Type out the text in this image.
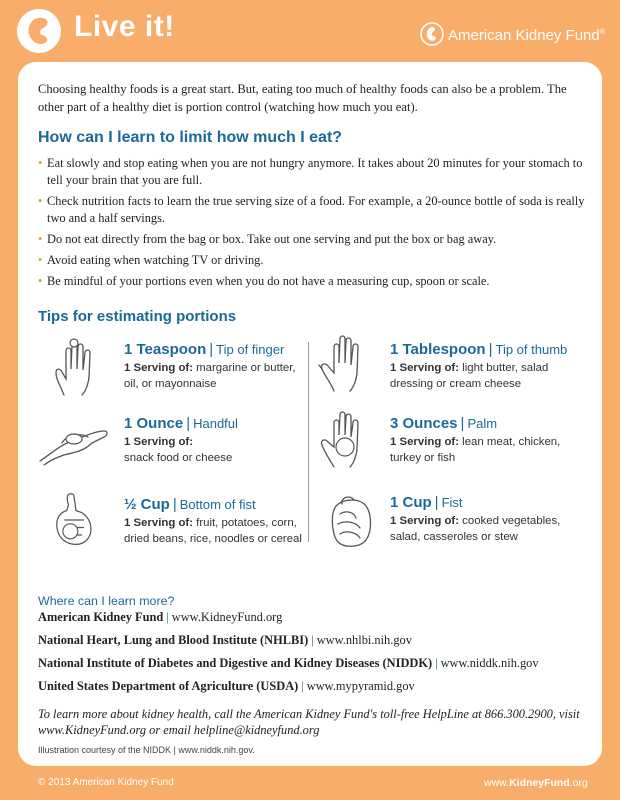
Live it!	American Kidney Fund®

Choosing healthy foods is a great start. But, eating too much of healthy foods can also be a problem. The other part of a healthy diet is portion control (watching how much you eat).

How can I learn to limit how much I eat?
• Eat slowly and stop eating when you are not hungry anymore. It takes about 20 minutes for your stomach to tell your brain that you are full.
• Check nutrition facts to learn the true serving size of a food. For example, a 20-ounce bottle of soda is really two and a half servings.
• Do not eat directly from the bag or box. Take out one serving and put the box or bag away.
• Avoid eating when watching TV or driving.
• Be mindful of your portions even when you do not have a measuring cup, spoon or scale.
Tips for estimating portions
1 Teaspoon | Tip of finger
1 Serving of: margarine or butter, oil, or mayonnaise
1 Tablespoon | Tip of thumb
1 Serving of: light butter, salad dressing or cream cheese
1 Ounce | Handful
1 Serving of:
snack food or cheese
3 Ounces | Palm
1 Serving of: lean meat, chicken, turkey or fish
½ Cup | Bottom of fist
1 Serving of: fruit, potatoes, corn, dried beans, rice, noodles or cereal
1 Cup | Fist
1 Serving of: cooked vegetables, salad, casseroles or stew
Where can I learn more?
American Kidney Fund | www.KidneyFund.org
National Heart, Lung and Blood Institute (NHLBI) | www.nhlbi.nih.gov
National Institute of Diabetes and Digestive and Kidney Diseases (NIDDK) | www.niddk.nih.gov
United States Department of Agriculture (USDA) | www.mypyramid.gov

To learn more about kidney health, call the American Kidney Fund's toll-free HelpLine at 866.300.2900, visit www.KidneyFund.org or email helpline@kidneyfund.org

Illustration courtesy of the NIDDK | www.niddk.nih.gov.
© 2013 American Kidney Fund	www.KidneyFund.org
